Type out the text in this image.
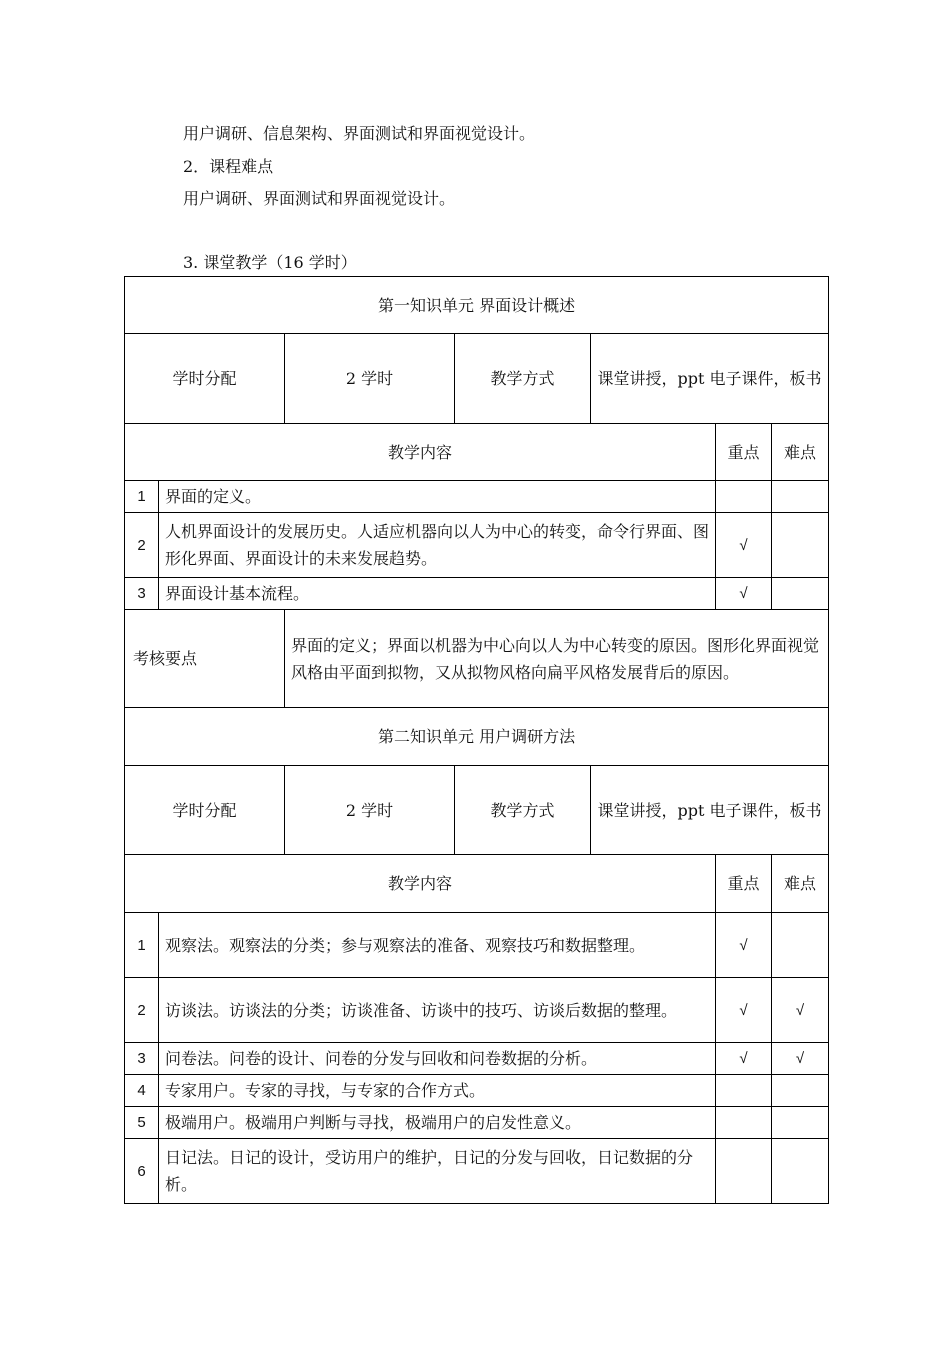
用户调研、信息架构、界面测试和界面视觉设计。
2．课程难点
用户调研、界面测试和界面视觉设计。
3. 课堂教学（16 学时）
第一知识单元 界面设计概述						
学时分配		2 学时	教学方式	课堂讲授，ppt 电子课件，板书		
教学内容					重点	难点
1	界面的定义。					
2	人机界面设计的发展历史。人适应机器向以人为中心的转变，命令行界面、图形化界面、界面设计的未来发展趋势。				√	
3	界面设计基本流程。				√	
考核要点		界面的定义；界面以机器为中心向以人为中心转变的原因。图形化界面视觉风格由平面到拟物，又从拟物风格向扁平风格发展背后的原因。				
第二知识单元 用户调研方法						
学时分配		2 学时	教学方式	课堂讲授，ppt 电子课件，板书		
教学内容					重点	难点
1	观察法。观察法的分类；参与观察法的准备、观察技巧和数据整理。				√	
2	访谈法。访谈法的分类；访谈准备、访谈中的技巧、访谈后数据的整理。				√	√
3	问卷法。问卷的设计、问卷的分发与回收和问卷数据的分析。				√	√
4	专家用户。专家的寻找，与专家的合作方式。					
5	极端用户。极端用户判断与寻找，极端用户的启发性意义。					
6	日记法。日记的设计，受访用户的维护，日记的分发与回收，日记数据的分析。					
